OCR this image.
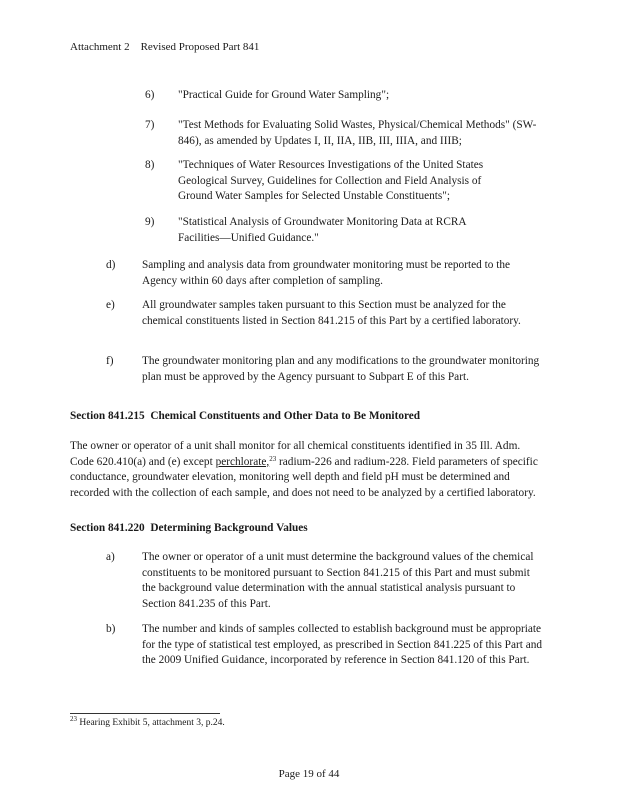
Attachment 2    Revised Proposed Part 841
6)	"Practical Guide for Ground Water Sampling";
7)	"Test Methods for Evaluating Solid Wastes, Physical/Chemical Methods" (SW-846), as amended by Updates I, II, IIA, IIB, III, IIIA, and IIIB;
8)	"Techniques of Water Resources Investigations of the United States Geological Survey, Guidelines for Collection and Field Analysis of Ground Water Samples for Selected Unstable Constituents";
9)	"Statistical Analysis of Groundwater Monitoring Data at RCRA Facilities—Unified Guidance."
d)	Sampling and analysis data from groundwater monitoring must be reported to the Agency within 60 days after completion of sampling.
e)	All groundwater samples taken pursuant to this Section must be analyzed for the chemical constituents listed in Section 841.215 of this Part by a certified laboratory.
f)	The groundwater monitoring plan and any modifications to the groundwater monitoring plan must be approved by the Agency pursuant to Subpart E of this Part.
Section 841.215  Chemical Constituents and Other Data to Be Monitored
The owner or operator of a unit shall monitor for all chemical constituents identified in 35 Ill. Adm. Code 620.410(a) and (e) except perchlorate,$^{23}$ radium-226 and radium-228. Field parameters of specific conductance, groundwater elevation, monitoring well depth and field pH must be determined and recorded with the collection of each sample, and does not need to be analyzed by a certified laboratory.
Section 841.220  Determining Background Values
a)	The owner or operator of a unit must determine the background values of the chemical constituents to be monitored pursuant to Section 841.215 of this Part and must submit the background value determination with the annual statistical analysis pursuant to Section 841.235 of this Part.
b)	The number and kinds of samples collected to establish background must be appropriate for the type of statistical test employed, as prescribed in Section 841.225 of this Part and the 2009 Unified Guidance, incorporated by reference in Section 841.120 of this Part.
$^{23}$ Hearing Exhibit 5, attachment 3, p.24.
Page 19 of 44
